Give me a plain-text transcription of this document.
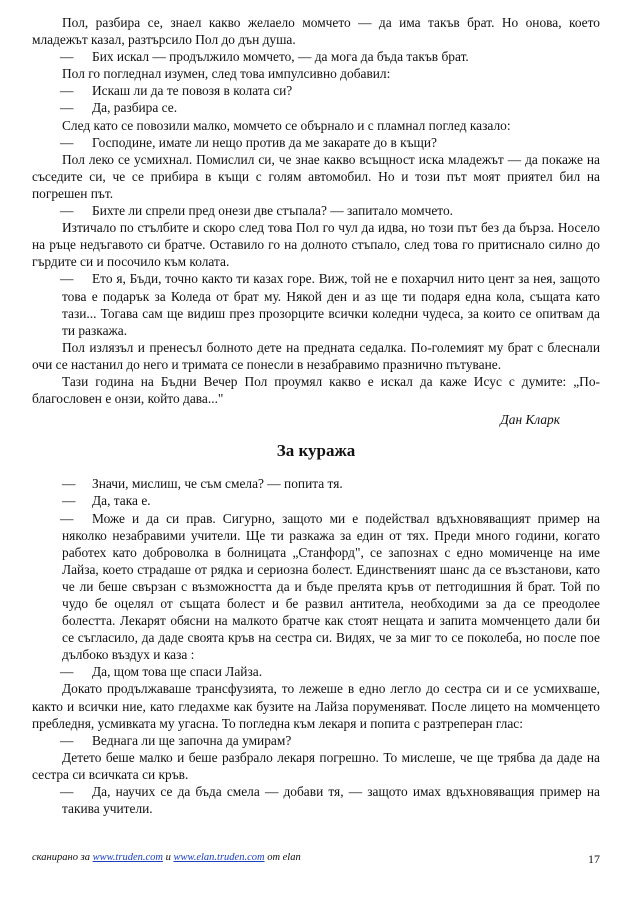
Пол, разбира се, знаел какво желаело момчето — да има такъв брат. Но онова, което младежът казал, разтърсило Пол до дън душа.

— Бих искал — продължило момчето, — да мога да бъда такъв брат.

Пол го погледнал изумен, след това импулсивно добавил:

— Искаш ли да те повозя в колата си?

— Да, разбира се.

След като се повозили малко, момчето се обърнало и с пламнал поглед казало:

— Господине, имате ли нещо против да ме закарате до в къщи?

Пол леко се усмихнал. Помислил си, че знае какво всъщност иска младежът — да покаже на съседите си, че се прибира в къщи с голям автомобил. Но и този път моят приятел бил на погрешен път.

— Бихте ли спрели пред онези две стъпала? — запитало момчето.

Изтичало по стълбите и скоро след това Пол го чул да идва, но този път без да бърза. Носело на ръце недъгавото си братче. Оставило го на долното стъпало, след това го притиснало силно до гърдите си и посочило към колата.

— Ето я, Бъди, точно както ти казах горе. Виж, той не е похарчил нито цент за нея, защото това е подарък за Коледа от брат му. Някой ден и аз ще ти подаря една кола, същата като тази... Тогава сам ще видиш през прозорците всички коледни чудеса, за които се опитвам да ти разкажа.

Пол излязъл и пренесъл болното дете на предната седалка. По-големият му брат с блеснали очи се настанил до него и тримата се понесли в незабравимо празнично пътуване.

Тази година на Бъдни Вечер Пол проумял какво е искал да каже Исус с думите: „По-благословен е онзи, който дава..."

Дан Кларк
За куража

— Значи, мислиш, че съм смела? — попита тя.

— Да, така е.

— Може и да си прав. Сигурно, защото ми е подействал вдъхновяващият пример на няколко незабравими учители. Ще ти разкажа за един от тях. Преди много години, когато работех като доброволка в болницата „Станфорд", се запознах с едно момиченце на име Лайза, което страдаше от рядка и сериозна болест. Единственият шанс да се възстанови, като че ли беше свързан с възможността да и бъде прелята кръв от петгодишния й брат. Той по чудо бе оцелял от същата болест и бе развил антитела, необходими за да се преодолее болестта. Лекарят обясни на малкото братче как стоят нещата и запита момченцето дали би се съгласило, да даде своята кръв на сестра си. Видях, че за миг то се поколеба, но после пое дълбоко въздух и каза :

— Да, щом това ще спаси Лайза.

Докато продължаваше трансфузията, то лежеше в едно легло до сестра си и се усмихваше, както и всички ние, като гледахме как бузите на Лайза поруменяват. После лицето на момченцето пребледня, усмивката му угасна. То погледна към лекаря и попита с разтреперан глас:

— Веднага ли ще започна да умирам?

Детето беше малко и беше разбрало лекаря погрешно. То мислеше, че ще трябва да даде на сестра си всичката си кръв.

— Да, научих се да бъда смела — добави тя, — защото имах вдъхновяващия пример на такива учители.

сканирано за www.truden.com и www.elan.truden.com от elan	17
